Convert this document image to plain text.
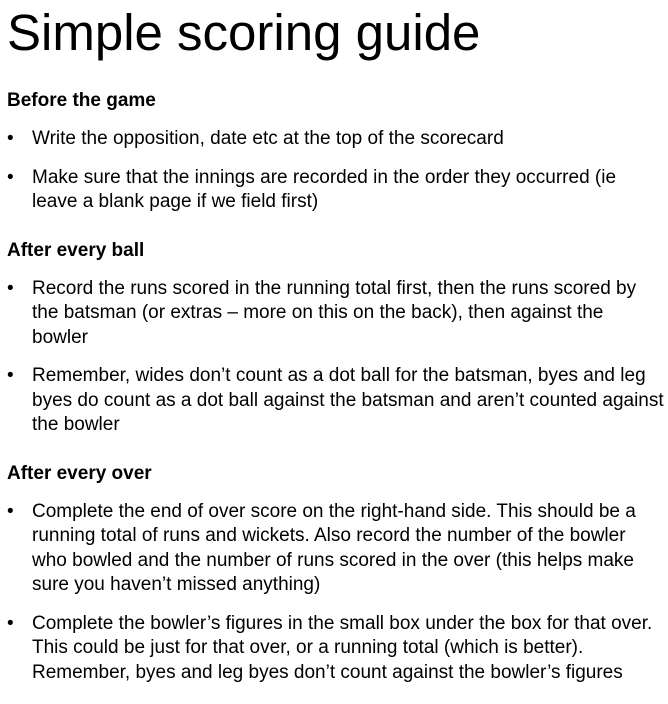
Simple scoring guide
Before the game
• Write the opposition, date etc at the top of the scorecard
• Make sure that the innings are recorded in the order they occurred (ie leave a blank page if we field first)
After every ball
• Record the runs scored in the running total first, then the runs scored by the batsman (or extras – more on this on the back), then against the bowler
• Remember, wides don’t count as a dot ball for the batsman, byes and leg byes do count as a dot ball against the batsman and aren’t counted against the bowler
After every over
• Complete the end of over score on the right-hand side. This should be a running total of runs and wickets. Also record the number of the bowler who bowled and the number of runs scored in the over (this helps make sure you haven’t missed anything)
• Complete the bowler’s figures in the small box under the box for that over. This could be just for that over, or a running total (which is better). Remember, byes and leg byes don’t count against the bowler’s figures
